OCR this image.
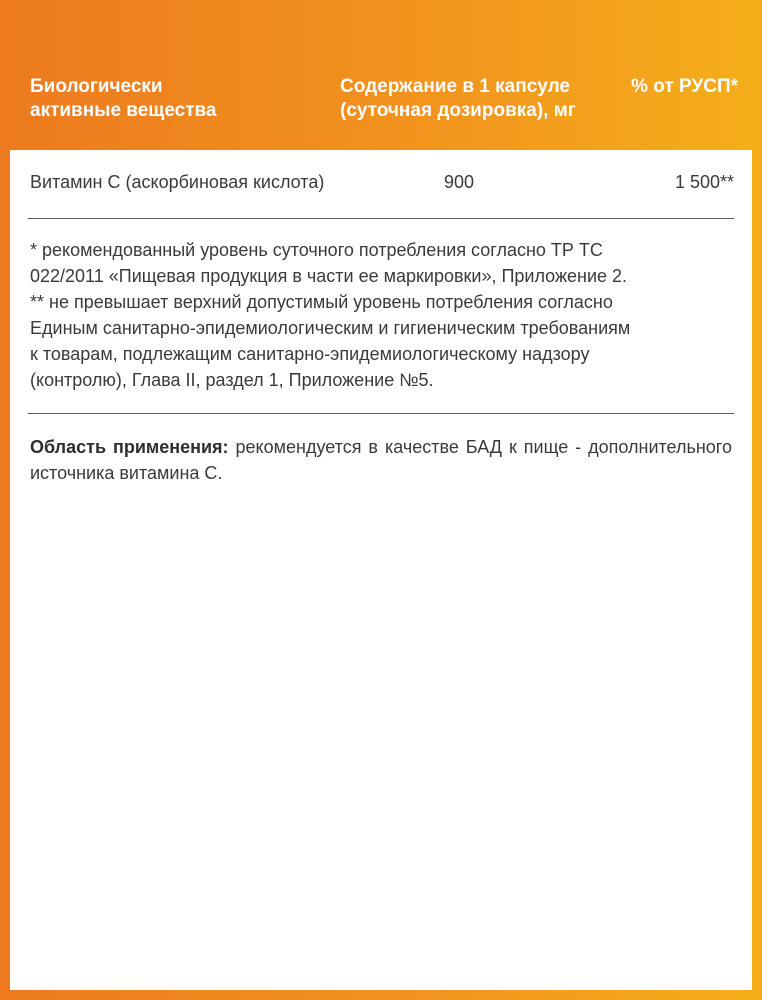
Биологически
активные вещества
Содержание в 1 капсуле
(суточная дозировка), мг
% от РУСП*
Витамин С (аскорбиновая кислота)	900	1 500**

* рекомендованный уровень суточного потребления согласно ТР ТС

022/2011 «Пищевая продукция в части ее маркировки», Приложение 2.

** не превышает верхний допустимый уровень потребления согласно

Единым санитарно-эпидемиологическим и гигиеническим требованиям

к товарам, подлежащим санитарно-эпидемиологическому надзору

(контролю), Глава II, раздел 1, Приложение №5.

Область применения: рекомендуется в качестве БАД к пище - дополнительного источника витамина С.
